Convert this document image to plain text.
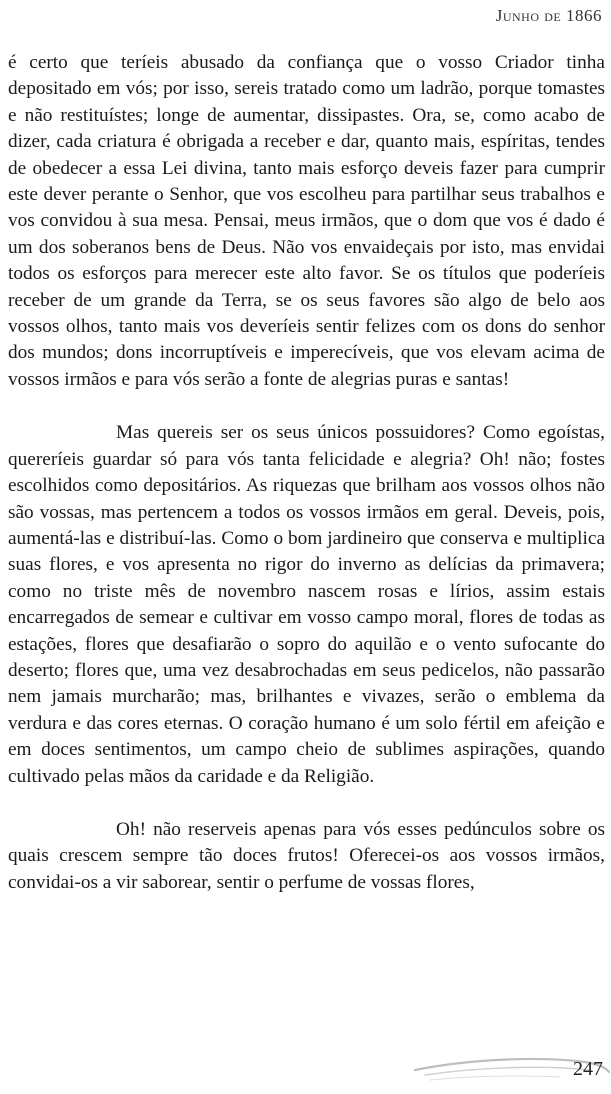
Junho de 1866

é certo que teríeis abusado da confiança que o vosso Criador tinha depositado em vós; por isso, sereis tratado como um ladrão, porque tomastes e não restituístes; longe de aumentar, dissipastes. Ora, se, como acabo de dizer, cada criatura é obrigada a receber e dar, quanto mais, espíritas, tendes de obedecer a essa Lei divina, tanto mais esforço deveis fazer para cumprir este dever perante o Senhor, que vos escolheu para partilhar seus trabalhos e vos convidou à sua mesa. Pensai, meus irmãos, que o dom que vos é dado é um dos soberanos bens de Deus. Não vos envaideçais por isto, mas envidai todos os esforços para merecer este alto favor. Se os títulos que poderíeis receber de um grande da Terra, se os seus favores são algo de belo aos vossos olhos, tanto mais vos deveríeis sentir felizes com os dons do senhor dos mundos; dons incorruptíveis e imperecíveis, que vos elevam acima de vossos irmãos e para vós serão a fonte de alegrias puras e santas!

Mas quereis ser os seus únicos possuidores? Como egoístas, quereríeis guardar só para vós tanta felicidade e alegria? Oh! não; fostes escolhidos como depositários. As riquezas que brilham aos vossos olhos não são vossas, mas pertencem a todos os vossos irmãos em geral. Deveis, pois, aumentá-las e distribuí-las. Como o bom jardineiro que conserva e multiplica suas flores, e vos apresenta no rigor do inverno as delícias da primavera; como no triste mês de novembro nascem rosas e lírios, assim estais encarregados de semear e cultivar em vosso campo moral, flores de todas as estações, flores que desafiarão o sopro do aquilão e o vento sufocante do deserto; flores que, uma vez desabrochadas em seus pedicelos, não passarão nem jamais murcharão; mas, brilhantes e vivazes, serão o emblema da verdura e das cores eternas. O coração humano é um solo fértil em afeição e em doces sentimentos, um campo cheio de sublimes aspirações, quando cultivado pelas mãos da caridade e da Religião.

Oh! não reserveis apenas para vós esses pedúnculos sobre os quais crescem sempre tão doces frutos! Oferecei-os aos vossos irmãos, convidai-os a vir saborear, sentir o perfume de vossas flores,

247
